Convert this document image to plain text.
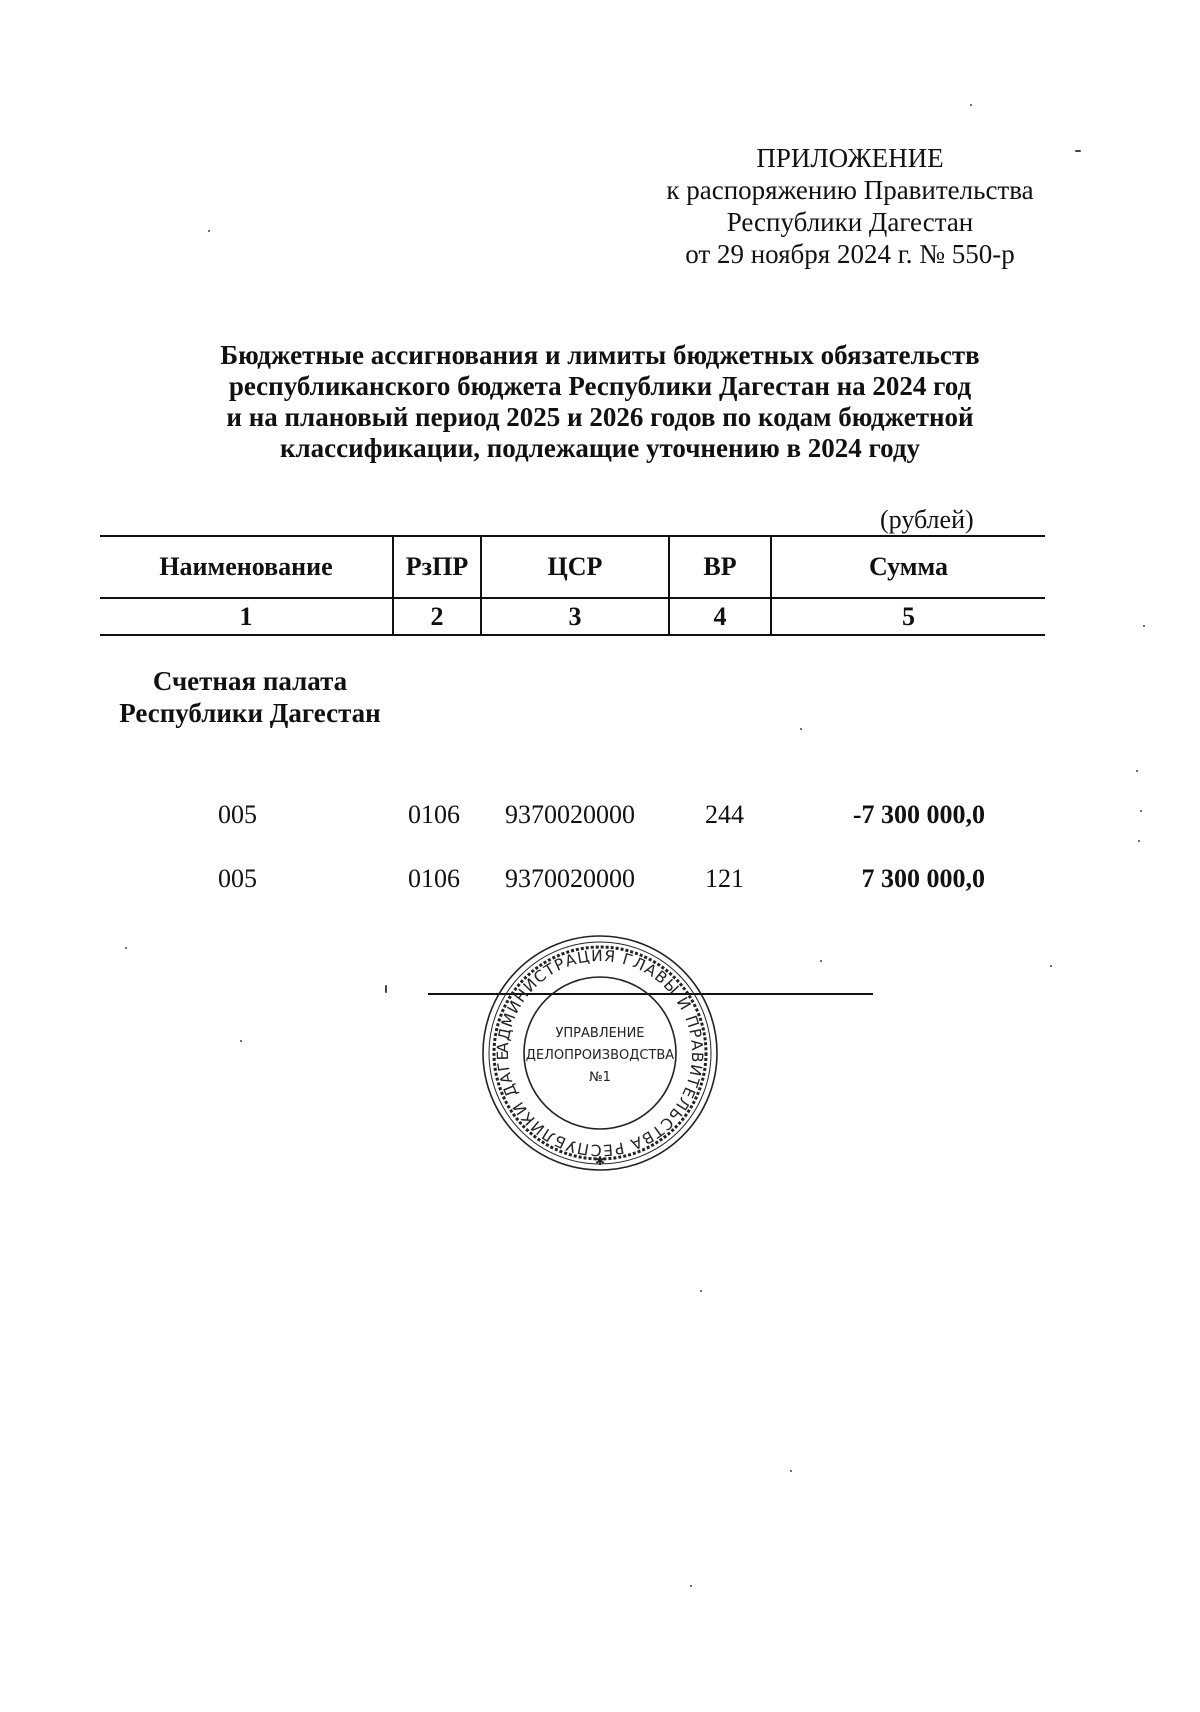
ПРИЛОЖЕНИЕ
к распоряжению Правительства
Республики Дагестан
от 29 ноября 2024 г. № 550-р
Бюджетные ассигнования и лимиты бюджетных обязательств
республиканского бюджета Республики Дагестан на 2024 год
и на плановый период 2025 и 2026 годов по кодам бюджетной
классификации, подлежащие уточнению в 2024 году
(рублей)
Наименование	РзПР	ЦСР	ВР	Сумма
1	2	3	4	5
Счетная палата
Республики Дагестан
005	0106 9370020000	244	-7 300 000,0
005	0106 9370020000	121	7 300 000,0
АДМИНИСТРАЦИЯ ГЛАВЫ И ПРАВИТЕЛЬСТВА РЕСПУБЛИКИ ДАГЕ
УПРАВЛЕНИЕ
ДЕЛОПРОИЗВОДСТВА
№1
✱
